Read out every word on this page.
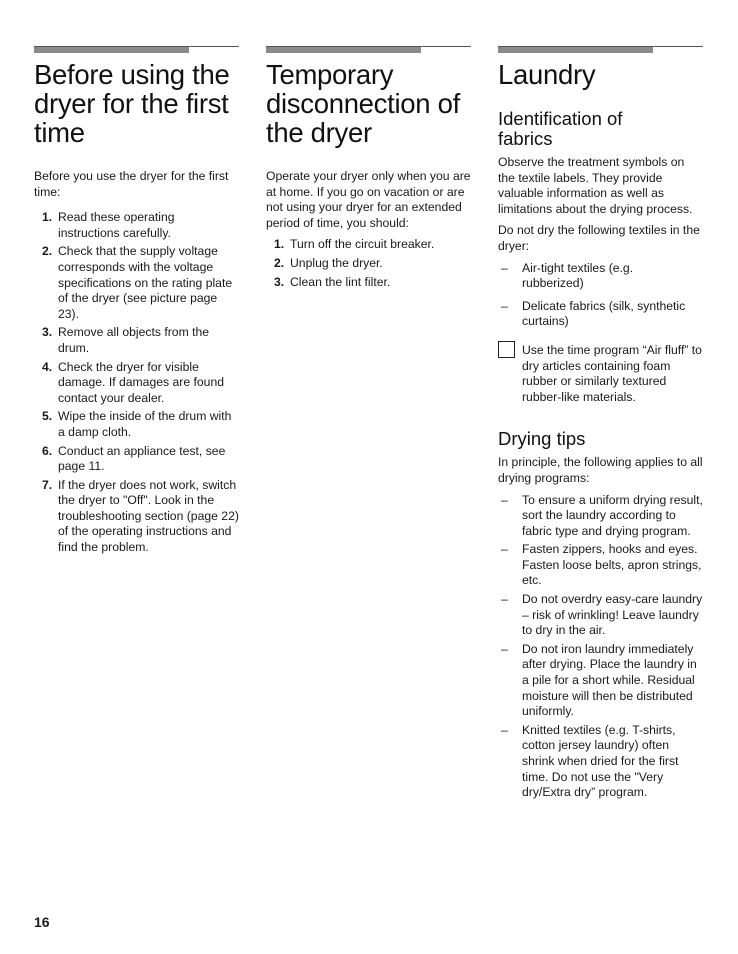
Before using the dryer for the first time

Before you use the dryer for the first time:

1. Read these operating instructions carefully.
2. Check that the supply voltage corresponds with the voltage specifications on the rating plate of the dryer (see picture page 23).
3. Remove all objects from the drum.
4. Check the dryer for visible damage. If damages are found contact your dealer.
5. Wipe the inside of the drum with a damp cloth.
6. Conduct an appliance test, see page 11.
7. If the dryer does not work, switch the dryer to "Off". Look in the troubleshooting section (page 22) of the operating instructions and find the problem.
Temporary disconnection of the dryer

Operate your dryer only when you are at home. If you go on vacation or are not using your dryer for an extended period of time, you should:

1. Turn off the circuit breaker.
2. Unplug the dryer.
3. Clean the lint filter.
Laundry
Identification of fabrics

Observe the treatment symbols on the textile labels. They provide valuable information as well as limitations about the drying process.

Do not dry the following textiles in the dryer:

– Air-tight textiles (e.g. rubberized)
– Delicate fabrics (silk, synthetic curtains)
Use the time program “Air fluff” to dry articles containing foam rubber or similarly textured rubber-like materials.
Drying tips

In principle, the following applies to all drying programs:

– To ensure a uniform drying result, sort the laundry according to fabric type and drying program.
– Fasten zippers, hooks and eyes. Fasten loose belts, apron strings, etc.
– Do not overdry easy-care laundry – risk of wrinkling! Leave laundry to dry in the air.
– Do not iron laundry immediately after drying. Place the laundry in a pile for a short while. Residual moisture will then be distributed uniformly.
– Knitted textiles (e.g. T-shirts, cotton jersey laundry) often shrink when dried for the first time. Do not use the "Very dry/Extra dry” program.
16
